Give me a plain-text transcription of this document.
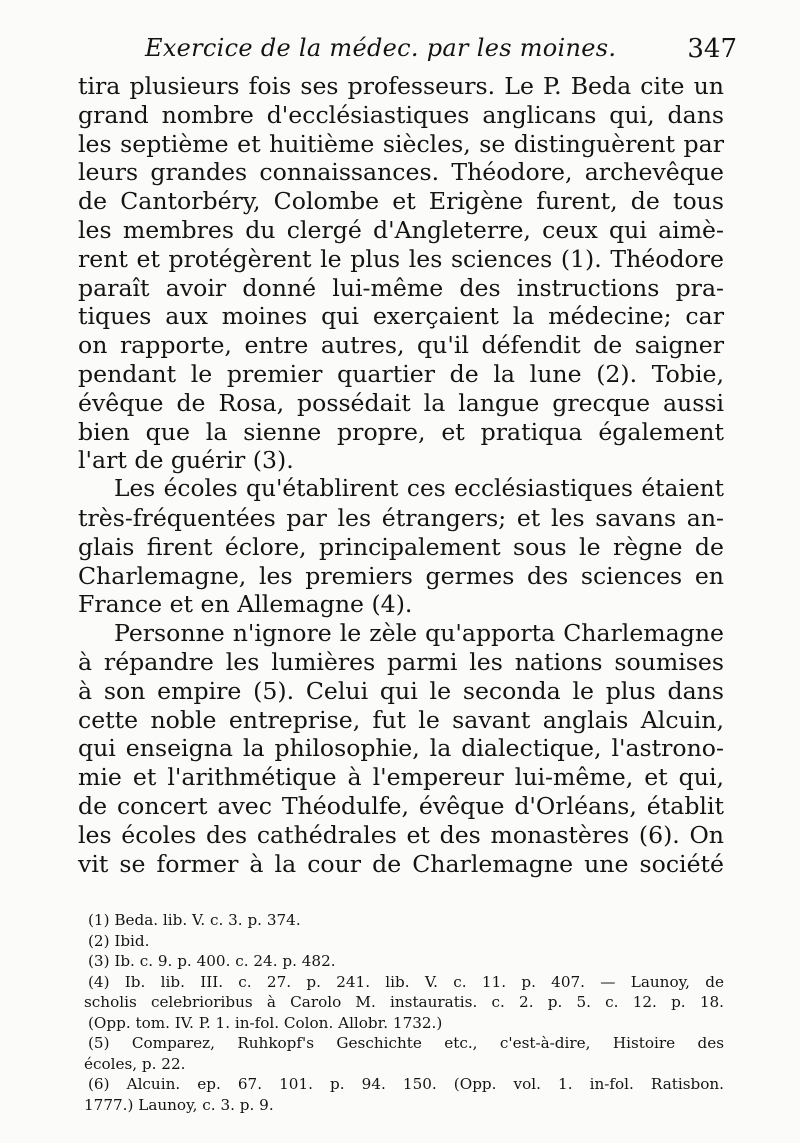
Exercice de la médec. par les moines.	347
tira plusieurs fois ses professeurs. Le P. Beda cite un
grand nombre d'ecclésiastiques anglicans qui, dans
les septième et huitième siècles, se distinguèrent par
leurs grandes connaissances. Théodore, archevêque
de Cantorbéry, Colombe et Erigène furent, de tous
les membres du clergé d'Angleterre, ceux qui aimè-
rent et protégèrent le plus les sciences (1). Théodore
paraît avoir donné lui-même des instructions pra-
tiques aux moines qui exerçaient la médecine; car
on rapporte, entre autres, qu'il défendit de saigner
pendant le premier quartier de la lune (2). Tobie,
évêque de Rosa, possédait la langue grecque aussi
bien que la sienne propre, et pratiqua également
l'art de guérir (3).
Les écoles qu'établirent ces ecclésiastiques étaient
très-fréquentées par les étrangers; et les savans an-
glais firent éclore, principalement sous le règne de
Charlemagne, les premiers germes des sciences en
France et en Allemagne (4).
Personne n'ignore le zèle qu'apporta Charlemagne
à répandre les lumières parmi les nations soumises
à son empire (5). Celui qui le seconda le plus dans
cette noble entreprise, fut le savant anglais Alcuin,
qui enseigna la philosophie, la dialectique, l'astrono-
mie et l'arithmétique à l'empereur lui-même, et qui,
de concert avec Théodulfe, évêque d'Orléans, établit
les écoles des cathédrales et des monastères (6). On
vit se former à la cour de Charlemagne une société
(1) Beda. lib. V. c. 3. p. 374.
(2) Ibid.
(3) Ib. c. 9. p. 400. c. 24. p. 482.
(4) Ib. lib. III. c. 27. p. 241. lib. V. c. 11. p. 407. — Launoy, de
scholis celebrioribus à Carolo M. instauratis. c. 2. p. 5. c. 12. p. 18.
(Opp. tom. IV. P. 1. in-fol. Colon. Allobr. 1732.)
(5) Comparez, Ruhkopf's Geschichte etc., c'est-à-dire, Histoire des
écoles, p. 22.
(6) Alcuin. ep. 67. 101. p. 94. 150. (Opp. vol. 1. in-fol. Ratisbon.
1777.) Launoy, c. 3. p. 9.
